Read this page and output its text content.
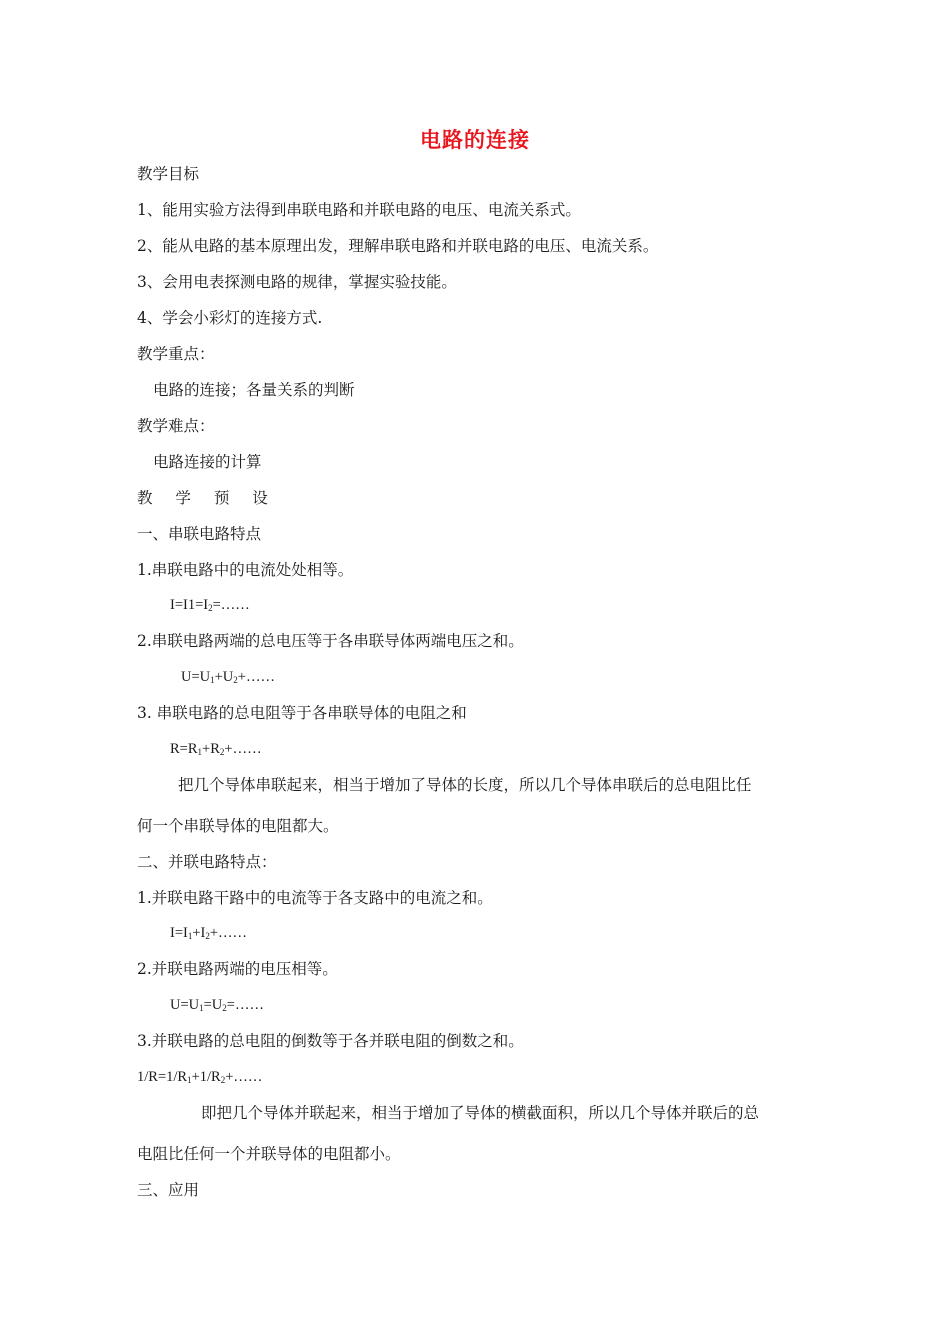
电路的连接
教学目标
1、能用实验方法得到串联电路和并联电路的电压、电流关系式。
2、能从电路的基本原理出发，理解串联电路和并联电路的电压、电流关系。
3、会用电表探测电路的规律，掌握实验技能。
4、学会小彩灯的连接方式.
教学重点：
电路的连接；各量关系的判断
教学难点：
电路连接的计算
教 学 预 设
一、串联电路特点
1.串联电路中的电流处处相等。
$I=I1=I_2=\dots\dots$
2.串联电路两端的总电压等于各串联导体两端电压之和。
$U=U_1+U_2+\dots\dots$
3. 串联电路的总电阻等于各串联导体的电阻之和
$R=R_1+R_2+\dots\dots$
把几个导体串联起来，相当于增加了导体的长度，所以几个导体串联后的总电阻比任
何一个串联导体的电阻都大。
二、并联电路特点：
1.并联电路干路中的电流等于各支路中的电流之和。
$I=I_1+I_2+\dots\dots$
2.并联电路两端的电压相等。
$U=U_1=U_2=\dots\dots$
3.并联电路的总电阻的倒数等于各并联电阻的倒数之和。
$1/R=1/R_1+1/R_2+\dots\dots$
即把几个导体并联起来，相当于增加了导体的横截面积，所以几个导体并联后的总
电阻比任何一个并联导体的电阻都小。
三、应用
